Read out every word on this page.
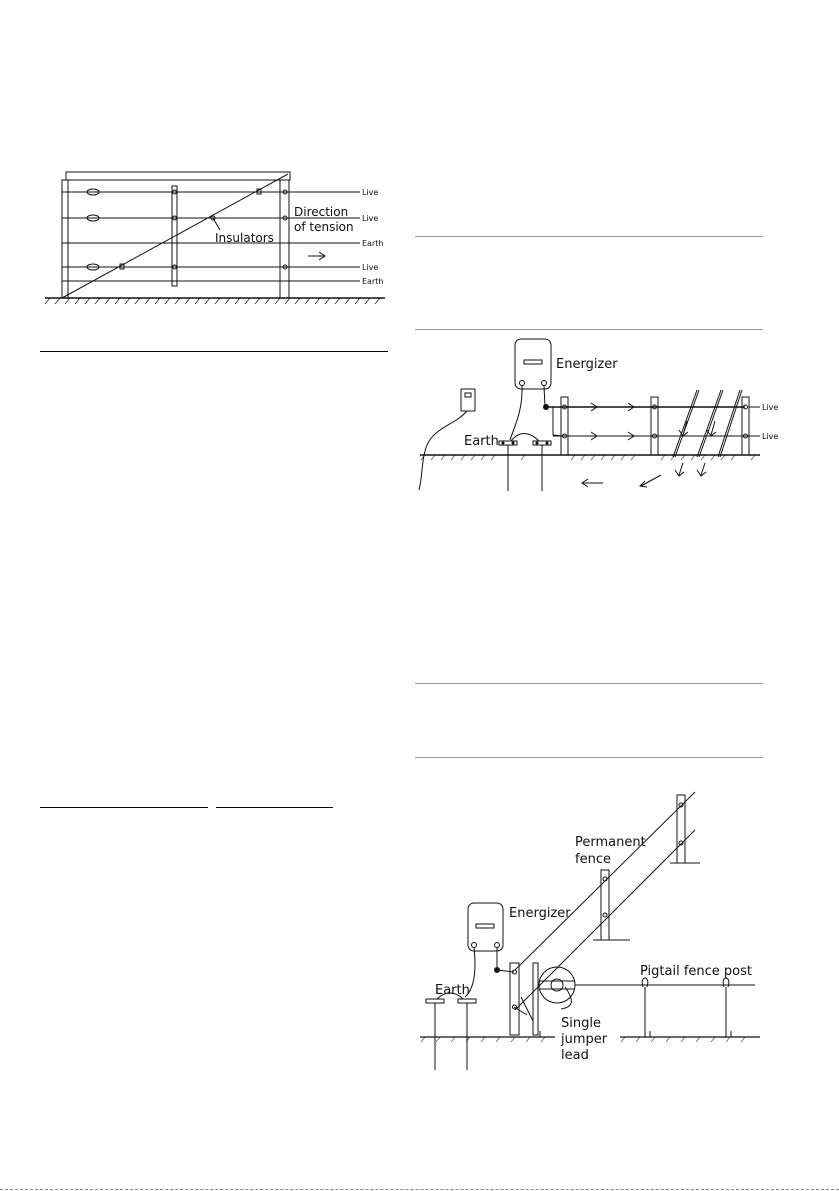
Live
Live
Earth
Live
Earth
Direction
of tension
Insulators
Energizer
Earth
Live
Live
Permanent
fence
Energizer
Pigtail fence post
Earth
Single
jumper
lead
